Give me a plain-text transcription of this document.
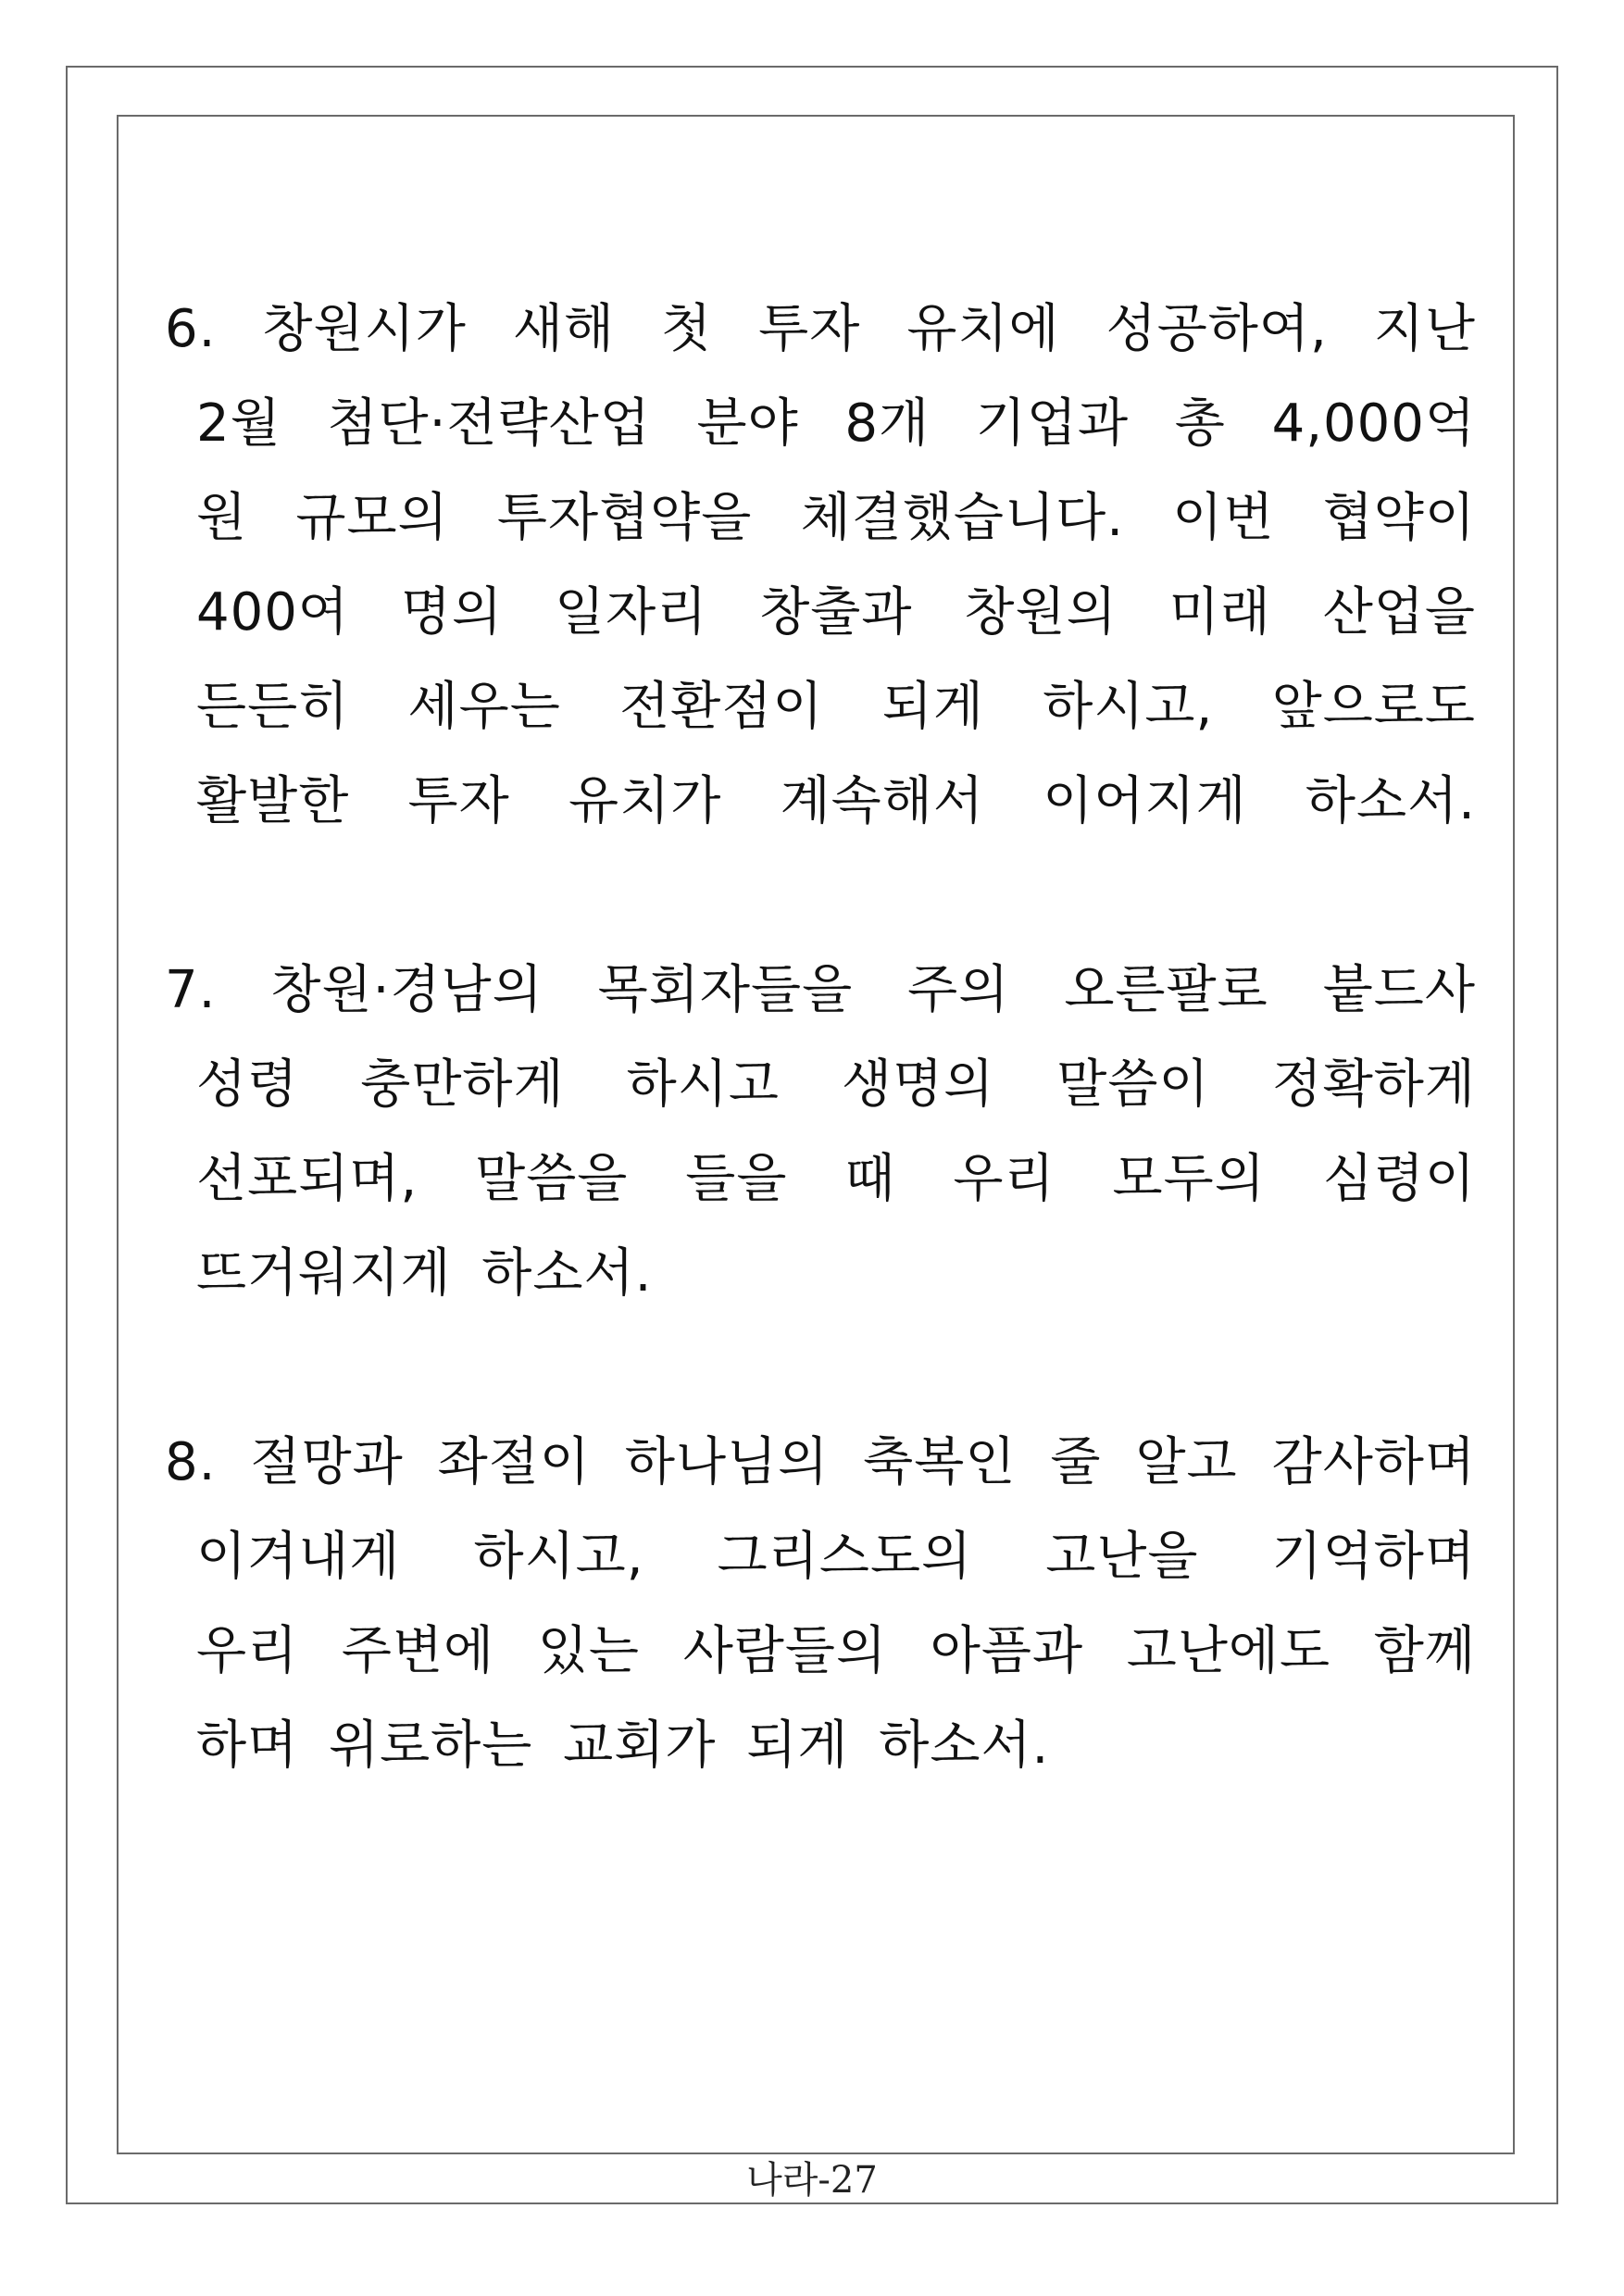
6. 창원시가 새해 첫 투자 유치에 성공하여, 지난
2월 첨단·전략산업 분야 8개 기업과 총 4,000억
원 규모의 투자협약을 체결했습니다. 이번 협약이
400여 명의 일자리 창출과 창원의 미래 산업을
든든히 세우는 전환점이 되게 하시고, 앞으로도
활발한 투자 유치가 계속해서 이어지게 하소서.
7. 창원·경남의 목회자들을 주의 오른팔로 붙드사
성령 충만하게 하시고 생명의 말씀이 정확하게
선포되며, 말씀을 들을 때 우리 모두의 심령이
뜨거워지게 하소서.
8. 절망과 좌절이 하나님의 축복인 줄 알고 감사하며
이겨내게 하시고, 그리스도의 고난을 기억하며
우리 주변에 있는 사람들의 아픔과 고난에도 함께
하며 위로하는 교회가 되게 하소서.
나라-27
